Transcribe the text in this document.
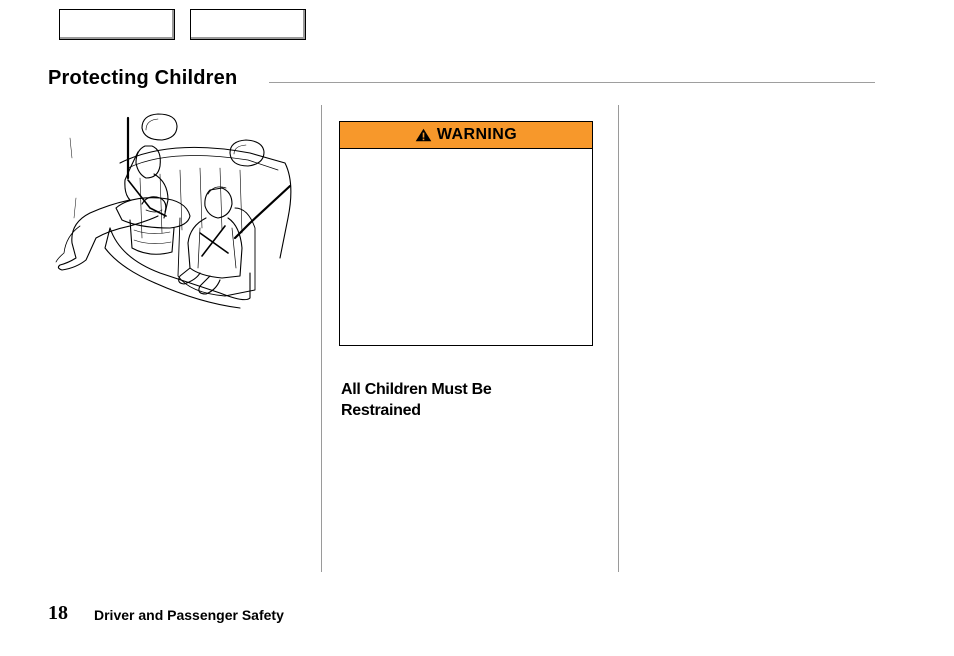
Protecting Children
WARNING
All Children Must Be
Restrained
18 Driver and Passenger Safety
